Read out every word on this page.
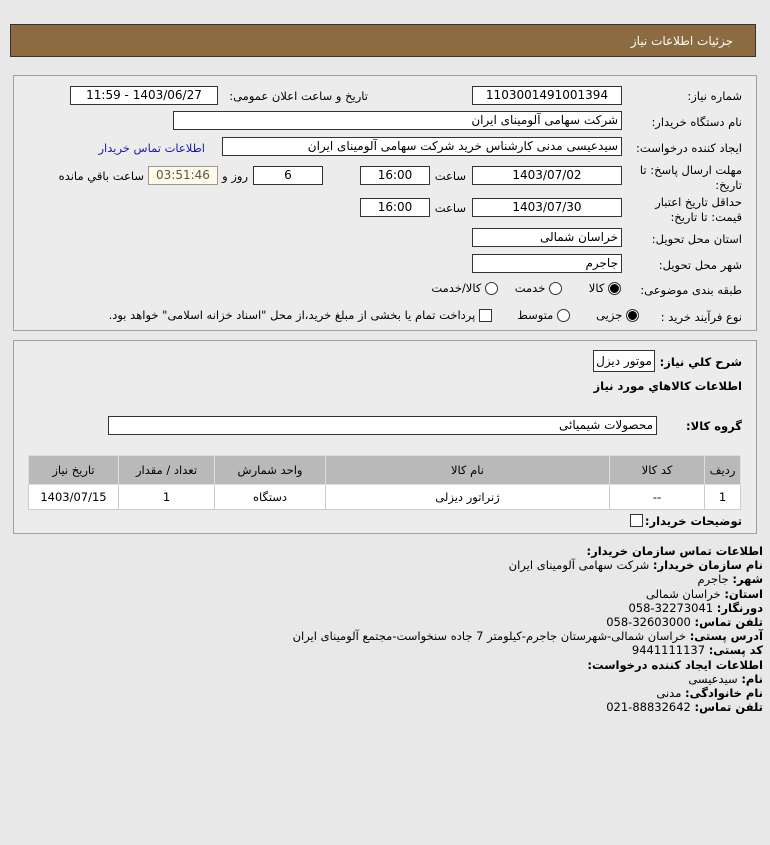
جزئیات اطلاعات نیاز
شماره نیاز:
1103001491001394
تاریخ و ساعت اعلان عمومی:
1403/06/27 - 11:59
نام دستگاه خریدار:
شرکت سهامی آلومینای ایران
ایجاد کننده درخواست:
سیدعیسی مدنی کارشناس خرید شرکت سهامی آلومینای ایران
اطلاعات تماس خریدار
مهلت ارسال پاسخ: تا تاریخ:
1403/07/02
ساعت
16:00
6
روز و
03:51:46
ساعت باقي مانده
حداقل تاریخ اعتبار قیمت: تا تاریخ:
1403/07/30
ساعت
16:00
استان محل تحویل:
خراسان شمالی
شهر محل تحویل:
جاجرم
طبقه بندی موضوعی:
کالا
خدمت
کالا/خدمت
نوع فرآیند خرید :
جزیی
متوسط
پرداخت تمام یا بخشی از مبلغ خرید،از محل "اسناد خزانه اسلامی" خواهد بود.
شرح کلي نیاز:
موتور دیزل
اطلاعات کالاهاي مورد نیاز
گروه کالا:
محصولات شیمیائی
ردیف	کد کالا	نام کالا	واحد شمارش	تعداد / مقدار	تاریخ نیاز
1	--	ژنراتور دیزلی	دستگاه	1	1403/07/15
توضیحات خریدار:
اطلاعات تماس سازمان خریدار:
نام سازمان خریدار: شرکت سهامی آلومینای ایران
شهر: جاجرم
استان: خراسان شمالی
دورنگار: 058-32273041
تلفن تماس: 058-32603000
آدرس پستی: خراسان شمالی-شهرستان جاجرم-کیلومتر 7 جاده سنخواست-مجتمع آلومینای ایران
کد پستی: 9441111137
اطلاعات ایجاد کننده درخواست:
نام: سیدعیسی
نام خانوادگی: مدنی
تلفن تماس: 021-88832642
